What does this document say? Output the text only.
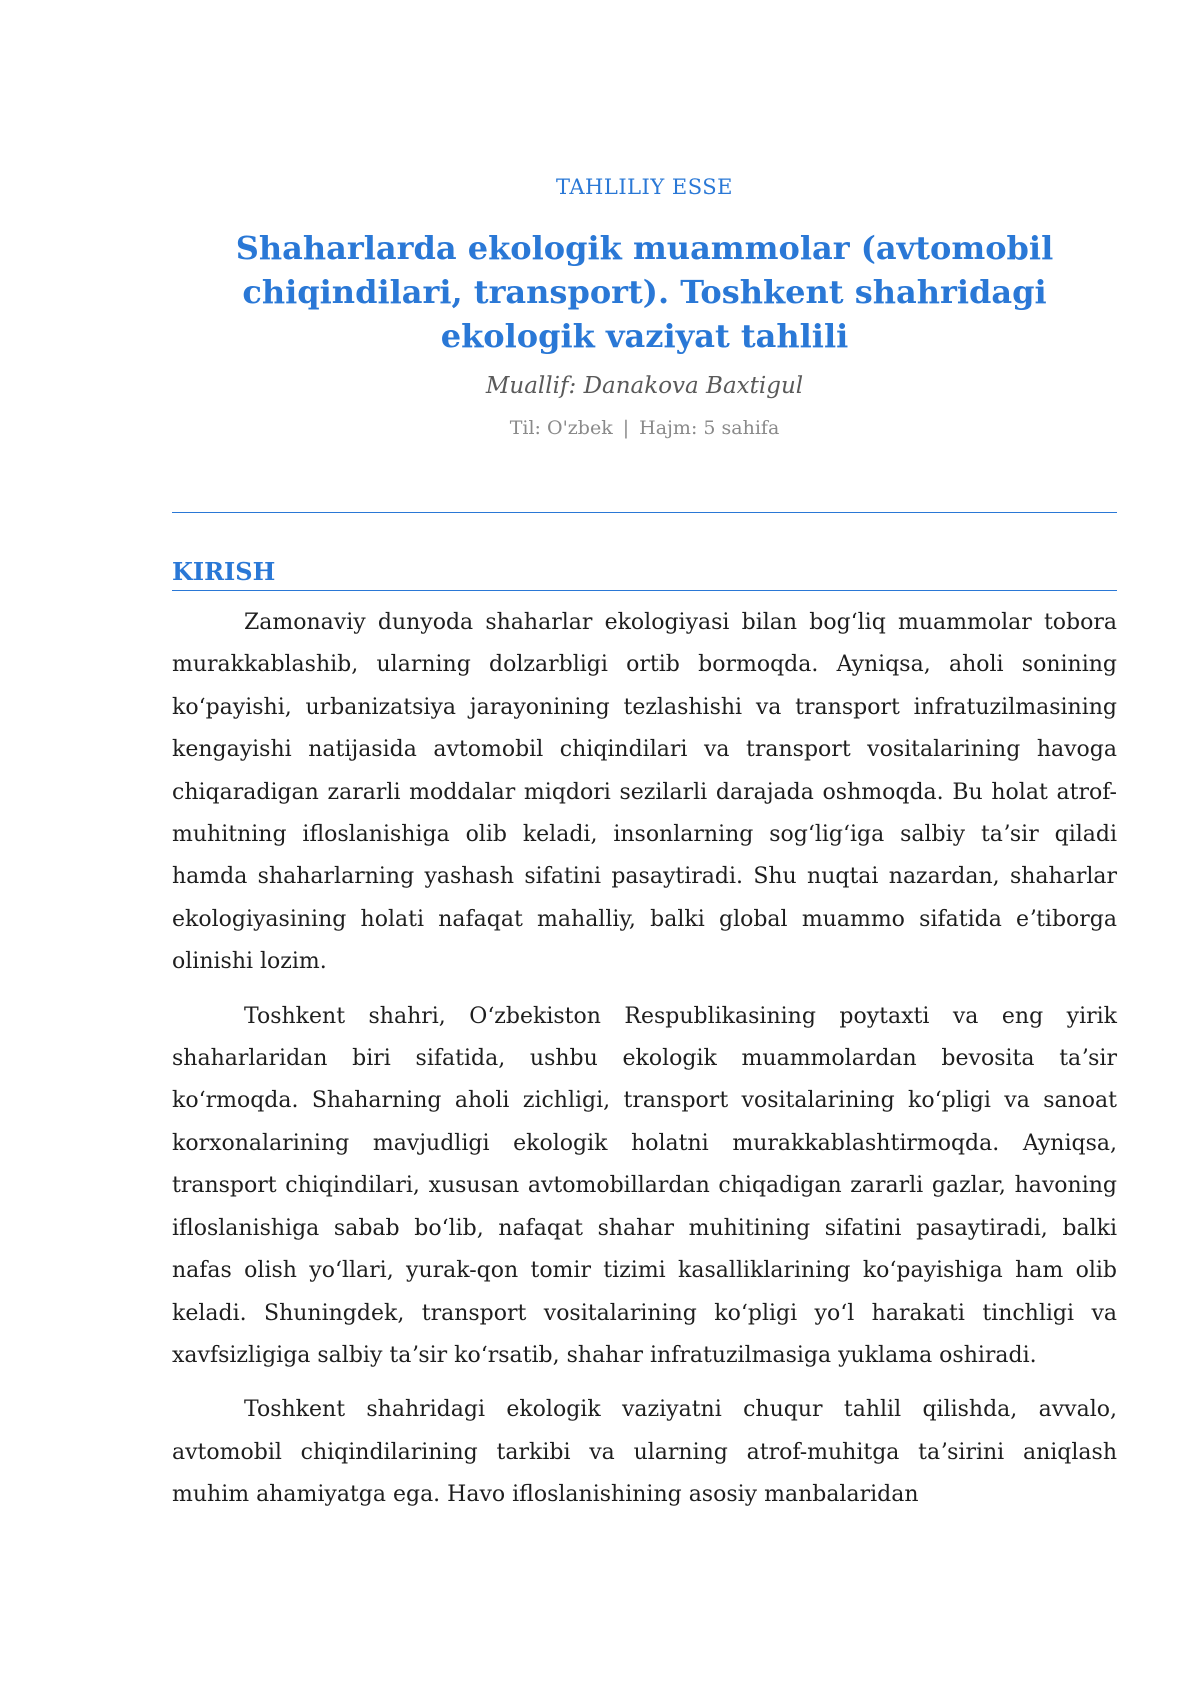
TAHLILIY ESSE
Shaharlarda ekologik muammolar (avtomobil chiqindilari, transport). Toshkent shahridagi ekologik vaziyat tahlili
Muallif: Danakova Baxtigul
Til: O'zbek | Hajm: 5 sahifa
KIRISH

Zamonaviy dunyoda shaharlar ekologiyasi bilan bogʻliq muammolar tobora murakkablashib, ularning dolzarbligi ortib bormoqda. Ayniqsa, aholi sonining koʻpayishi, urbanizatsiya jarayonining tezlashishi va transport infratuzilmasining kengayishi natijasida avtomobil chiqindilari va transport vositalarining havoga chiqaradigan zararli moddalar miqdori sezilarli darajada oshmoqda. Bu holat atrof-muhitning ifloslanishiga olib keladi, insonlarning sogʻligʻiga salbiy taʼsir qiladi hamda shaharlarning yashash sifatini pasaytiradi. Shu nuqtai nazardan, shaharlar ekologiyasining holati nafaqat mahalliy, balki global muammo sifatida eʼtiborga olinishi lozim.

Toshkent shahri, Oʻzbekiston Respublikasining poytaxti va eng yirik shaharlaridan biri sifatida, ushbu ekologik muammolardan bevosita taʼsir koʻrmoqda. Shaharning aholi zichligi, transport vositalarining koʻpligi va sanoat korxonalarining mavjudligi ekologik holatni murakkablashtirmoqda. Ayniqsa, transport chiqindilari, xususan avtomobillardan chiqadigan zararli gazlar, havoning ifloslanishiga sabab boʻlib, nafaqat shahar muhitining sifatini pasaytiradi, balki nafas olish yoʻllari, yurak-qon tomir tizimi kasalliklarining koʻpayishiga ham olib keladi. Shuningdek, transport vositalarining koʻpligi yoʻl harakati tinchligi va xavfsizligiga salbiy taʼsir koʻrsatib, shahar infratuzilmasiga yuklama oshiradi.

Toshkent shahridagi ekologik vaziyatni chuqur tahlil qilishda, avvalo, avtomobil chiqindilarining tarkibi va ularning atrof-muhitga taʼsirini aniqlash muhim ahamiyatga ega. Havo ifloslanishining asosiy manbalaridan
